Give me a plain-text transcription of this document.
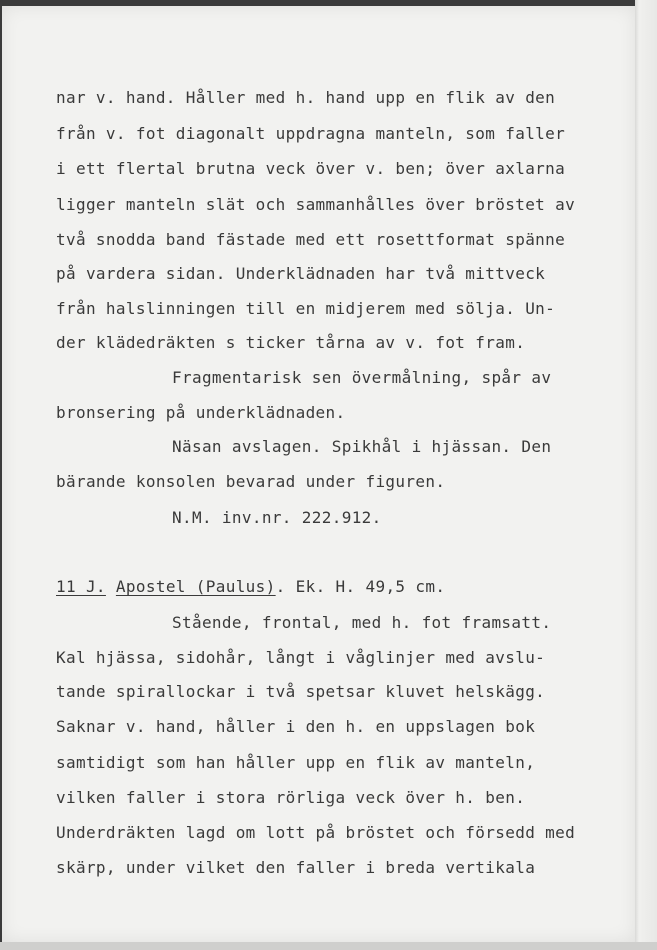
nar v. hand. Håller med h. hand upp en flik av den
från v. fot diagonalt uppdragna manteln, som faller
i ett flertal brutna veck över v. ben; över axlarna
ligger manteln slät och sammanhålles över bröstet av
två snodda band fästade med ett rosettformat spänne
på vardera sidan. Underklädnaden har två mittveck
från halslinningen till en midjerem med sölja. Un-
der klädedräkten s ticker tårna av v. fot fram.
Fragmentarisk sen övermålning, spår av
bronsering på underklädnaden.
Näsan avslagen. Spikhål i hjässan. Den
bärande konsolen bevarad under figuren.
N.M. inv.nr. 222.912.
11 J. Apostel (Paulus). Ek. H. 49,5 cm.
Stående, frontal, med h. fot framsatt.
Kal hjässa, sidohår, långt i våglinjer med avslu-
tande spirallockar i två spetsar kluvet helskägg.
Saknar v. hand, håller i den h. en uppslagen bok
samtidigt som han håller upp en flik av manteln,
vilken faller i stora rörliga veck över h. ben.
Underdräkten lagd om lott på bröstet och försedd med
skärp, under vilket den faller i breda vertikala
